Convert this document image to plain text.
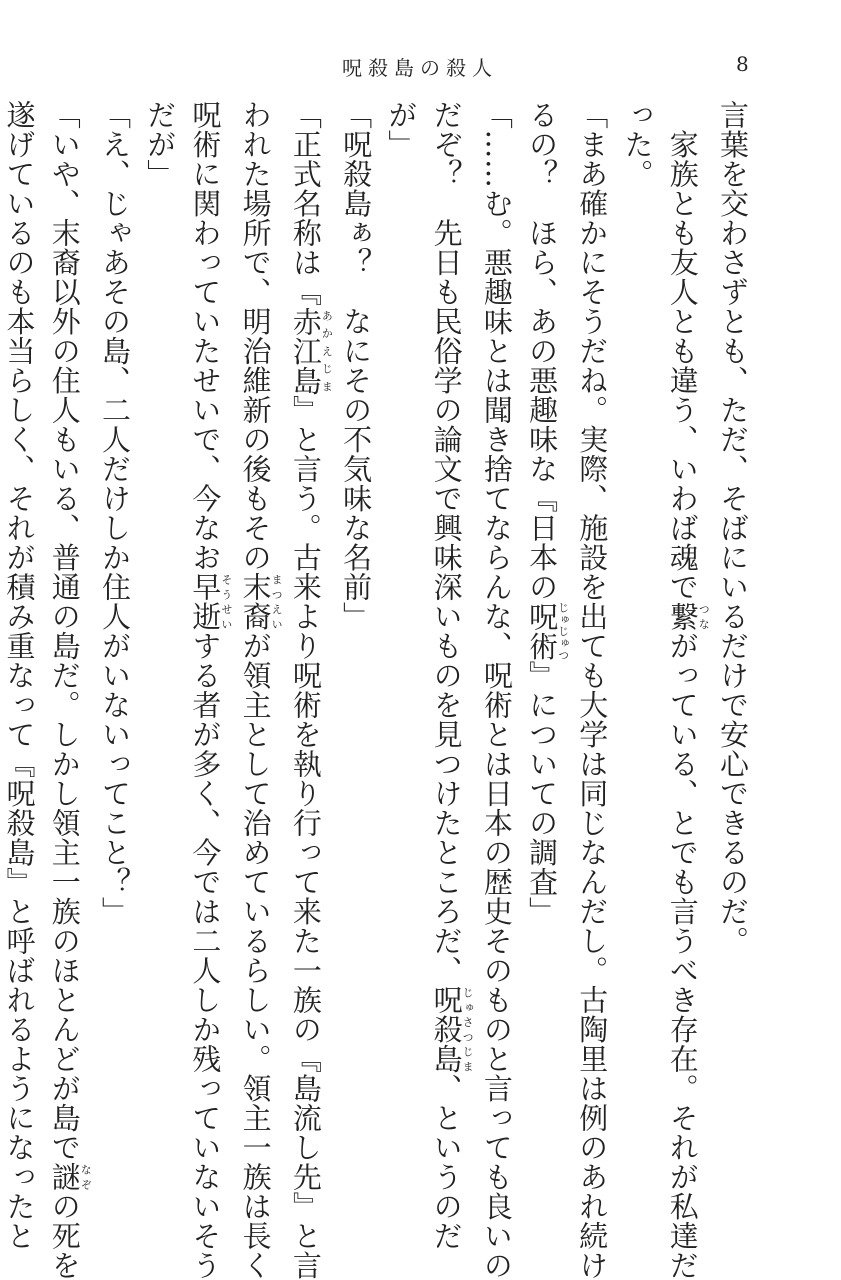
呪殺島の殺人	8
言葉を交わさずとも、ただ、そばにいるだけで安心できるのだ。
　家族とも友人とも違う、いわば魂で繋つながっている、とでも言うべき存在。それが私達だ
った。
「まあ確かにそうだね。実際、施設を出ても大学は同じなんだし。古陶里は例のあれ続け
るの？　ほら、あの悪趣味な『日本の呪術じゅじゅつ』についての調査」
「……む。悪趣味とは聞き捨てならんな、呪術とは日本の歴史そのものと言っても良いの
だぞ？　先日も民俗学の論文で興味深いものを見つけたところだ、呪殺島じゅさつじま、というのだ
が」
「呪殺島ぁ？　なにその不気味な名前」
「正式名称は『赤江島あかえじま』と言う。古来より呪術を執り行って来た一族の『島流し先』と言
われた場所で、明治維新の後もその末裔まつえいが領主として治めているらしい。領主一族は長く
呪術に関わっていたせいで、今なお早逝そうせいする者が多く、今では二人しか残っていないそう
だが」
「え、じゃあその島、二人だけしか住人がいないってこと？」
「いや、末裔以外の住人もいる、普通の島だ。しかし領主一族のほとんどが島で謎なぞの死を
遂げているのも本当らしく、それが積み重なって『呪殺島』と呼ばれるようになったと
